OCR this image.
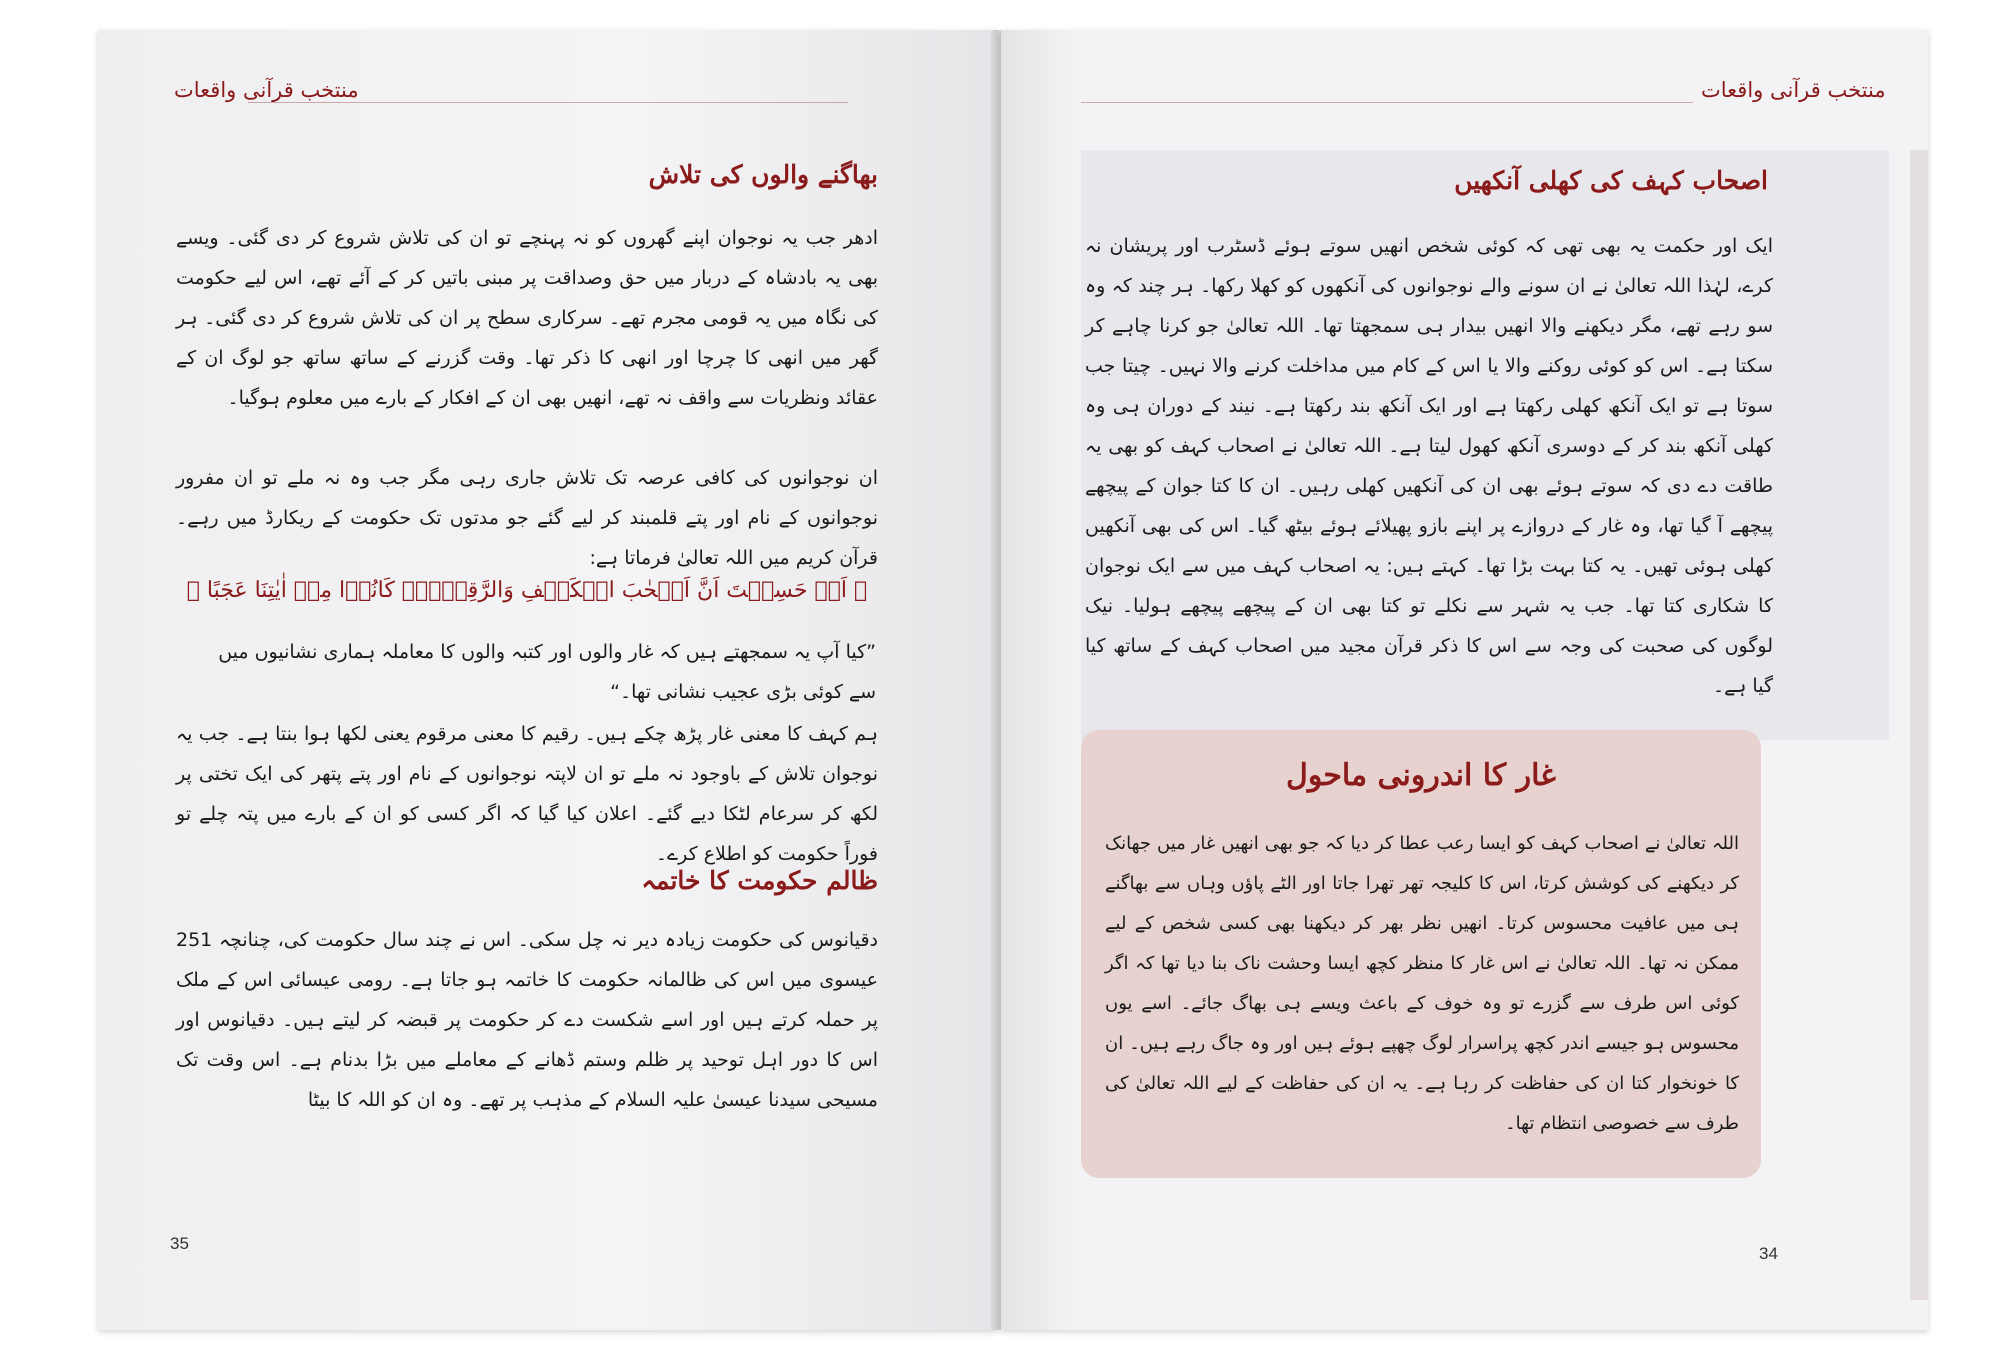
منتخب قرآنی واقعات
بھاگنے والوں کی تلاش
ادھر جب یہ نوجوان اپنے گھروں کو نہ پہنچے تو ان کی تلاش شروع کر دی گئی۔ ویسے بھی یہ بادشاہ کے دربار میں حق وصداقت پر مبنی باتیں کر کے آئے تھے، اس لیے حکومت کی نگاہ میں یہ قومی مجرم تھے۔ سرکاری سطح پر ان کی تلاش شروع کر دی گئی۔ ہر گھر میں انھی کا چرچا اور انھی کا ذکر تھا۔ وقت گزرنے کے ساتھ ساتھ جو لوگ ان کے عقائد ونظریات سے واقف نہ تھے، انھیں بھی ان کے افکار کے بارے میں معلوم ہوگیا۔
ان نوجوانوں کی کافی عرصہ تک تلاش جاری رہی مگر جب وہ نہ ملے تو ان مفرور نوجوانوں کے نام اور پتے قلمبند کر لیے گئے جو مدتوں تک حکومت کے ریکارڈ میں رہے۔ قرآن کریم میں اللہ تعالیٰ فرماتا ہے:
﴿ اَمۡ حَسِبۡتَ اَنَّ اَصۡحٰبَ الۡكَهۡفِ وَالرَّقِيۡمِۙ كَانُوۡا مِنۡ اٰيٰتِنَا عَجَبًا ﴾
”کیا آپ یہ سمجھتے ہیں کہ غار والوں اور کتبہ والوں کا معاملہ ہماری نشانیوں میں سے کوئی بڑی عجیب نشانی تھا۔“
ہم کہف کا معنی غار پڑھ چکے ہیں۔ رقیم کا معنی مرقوم یعنی لکھا ہوا بنتا ہے۔ جب یہ نوجوان تلاش کے باوجود نہ ملے تو ان لاپتہ نوجوانوں کے نام اور پتے پتھر کی ایک تختی پر لکھ کر سرعام لٹکا دیے گئے۔ اعلان کیا گیا کہ اگر کسی کو ان کے بارے میں پتہ چلے تو فوراً حکومت کو اطلاع کرے۔
ظالم حکومت کا خاتمہ
دقیانوس کی حکومت زیادہ دیر نہ چل سکی۔ اس نے چند سال حکومت کی، چنانچہ 251 عیسوی میں اس کی ظالمانہ حکومت کا خاتمہ ہو جاتا ہے۔ رومی عیسائی اس کے ملک پر حملہ کرتے ہیں اور اسے شکست دے کر حکومت پر قبضہ کر لیتے ہیں۔ دقیانوس اور اس کا دور اہل توحید پر ظلم وستم ڈھانے کے معاملے میں بڑا بدنام ہے۔ اس وقت تک مسیحی سیدنا عیسیٰ علیہ السلام کے مذہب پر تھے۔ وہ ان کو اللہ کا بیٹا
35
منتخب قرآنی واقعات
اصحاب کہف کی کھلی آنکھیں
ایک اور حکمت یہ بھی تھی کہ کوئی شخص انھیں سوتے ہوئے ڈسٹرب اور پریشان نہ کرے، لہٰذا اللہ تعالیٰ نے ان سونے والے نوجوانوں کی آنکھوں کو کھلا رکھا۔ ہر چند کہ وہ سو رہے تھے، مگر دیکھنے والا انھیں بیدار ہی سمجھتا تھا۔ اللہ تعالیٰ جو کرنا چاہے کر سکتا ہے۔ اس کو کوئی روکنے والا یا اس کے کام میں مداخلت کرنے والا نہیں۔ چیتا جب سوتا ہے تو ایک آنکھ کھلی رکھتا ہے اور ایک آنکھ بند رکھتا ہے۔ نیند کے دوران ہی وہ کھلی آنکھ بند کر کے دوسری آنکھ کھول لیتا ہے۔ اللہ تعالیٰ نے اصحاب کہف کو بھی یہ طاقت دے دی کہ سوتے ہوئے بھی ان کی آنکھیں کھلی رہیں۔ ان کا کتا جوان کے پیچھے پیچھے آ گیا تھا، وہ غار کے دروازے پر اپنے بازو پھیلائے ہوئے بیٹھ گیا۔ اس کی بھی آنکھیں کھلی ہوئی تھیں۔ یہ کتا بہت بڑا تھا۔ کہتے ہیں: یہ اصحاب کہف میں سے ایک نوجوان کا شکاری کتا تھا۔ جب یہ شہر سے نکلے تو کتا بھی ان کے پیچھے پیچھے ہولیا۔ نیک لوگوں کی صحبت کی وجہ سے اس کا ذکر قرآن مجید میں اصحاب کہف کے ساتھ کیا گیا ہے۔
غار کا اندرونی ماحول
اللہ تعالیٰ نے اصحاب کہف کو ایسا رعب عطا کر دیا کہ جو بھی انھیں غار میں جھانک کر دیکھنے کی کوشش کرتا، اس کا کلیجہ تھر تھرا جاتا اور الٹے پاؤں وہاں سے بھاگنے ہی میں عافیت محسوس کرتا۔ انھیں نظر بھر کر دیکھنا بھی کسی شخص کے لیے ممکن نہ تھا۔ اللہ تعالیٰ نے اس غار کا منظر کچھ ایسا وحشت ناک بنا دیا تھا کہ اگر کوئی اس طرف سے گزرے تو وہ خوف کے باعث ویسے ہی بھاگ جائے۔ اسے یوں محسوس ہو جیسے اندر کچھ پراسرار لوگ چھپے ہوئے ہیں اور وہ جاگ رہے ہیں۔ ان کا خونخوار کتا ان کی حفاظت کر رہا ہے۔ یہ ان کی حفاظت کے لیے اللہ تعالیٰ کی طرف سے خصوصی انتظام تھا۔
34
